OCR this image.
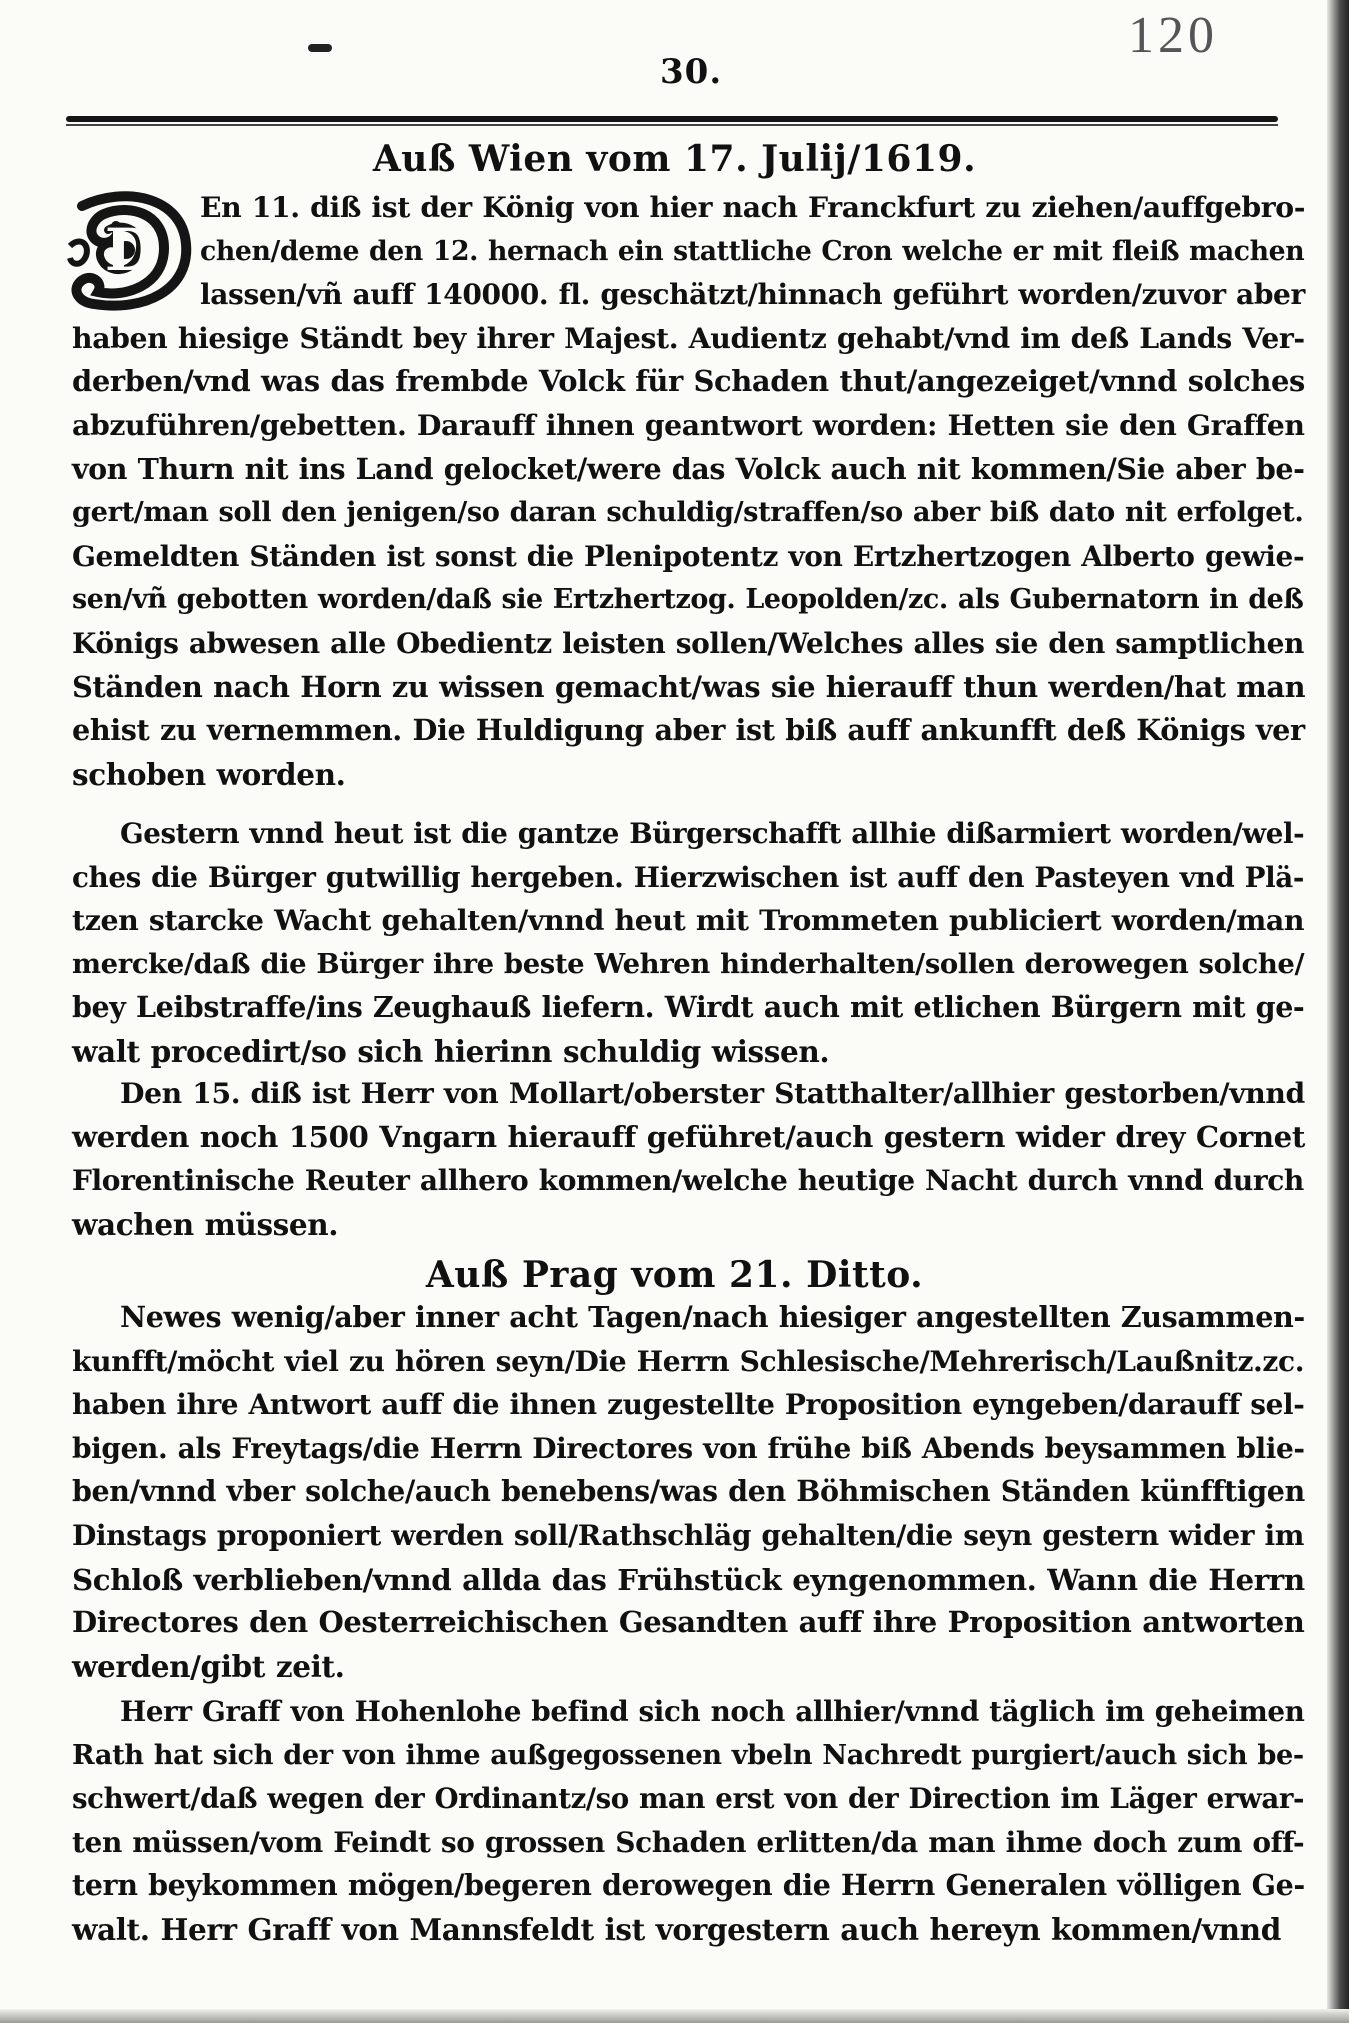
30.
120
Auß Wien vom 17. Julij/1619.
D
En 11. diß ist der König von hier nach Franckfurt zu ziehen/auffgebro-
chen/deme den 12. hernach ein stattliche Cron welche er mit fleiß machen
lassen/vñ auff 140000. fl. geschätzt/hinnach geführt worden/zuvor aber
haben hiesige Ständt bey ihrer Majest. Audientz gehabt/vnd im deß Lands Ver-
derben/vnd was das frembde Volck für Schaden thut/angezeiget/vnnd solches
abzuführen/gebetten. Darauff ihnen geantwort worden: Hetten sie den Graffen
von Thurn nit ins Land gelocket/were das Volck auch nit kommen/Sie aber be-
gert/man soll den jenigen/so daran schuldig/straffen/so aber biß dato nit erfolget.
Gemeldten Ständen ist sonst die Plenipotentz von Ertzhertzogen Alberto gewie-
sen/vñ gebotten worden/daß sie Ertzhertzog. Leopolden/zc. als Gubernatorn in deß
Königs abwesen alle Obedientz leisten sollen/Welches alles sie den samptlichen
Ständen nach Horn zu wissen gemacht/was sie hierauff thun werden/hat man
ehist zu vernemmen. Die Huldigung aber ist biß auff ankunfft deß Königs ver
schoben worden.
Gestern vnnd heut ist die gantze Bürgerschafft allhie dißarmiert worden/wel-
ches die Bürger gutwillig hergeben. Hierzwischen ist auff den Pasteyen vnd Plä-
tzen starcke Wacht gehalten/vnnd heut mit Trommeten publiciert worden/man
mercke/daß die Bürger ihre beste Wehren hinderhalten/sollen derowegen solche/
bey Leibstraffe/ins Zeughauß liefern. Wirdt auch mit etlichen Bürgern mit ge-
walt procedirt/so sich hierinn schuldig wissen.
Den 15. diß ist Herr von Mollart/oberster Statthalter/allhier gestorben/vnnd
werden noch 1500 Vngarn hierauff geführet/auch gestern wider drey Cornet
Florentinische Reuter allhero kommen/welche heutige Nacht durch vnnd durch
wachen müssen.
Auß Prag vom 21. Ditto.
Newes wenig/aber inner acht Tagen/nach hiesiger angestellten Zusammen-
kunfft/möcht viel zu hören seyn/Die Herrn Schlesische/Mehrerisch/Laußnitz.zc.
haben ihre Antwort auff die ihnen zugestellte Proposition eyngeben/darauff sel-
bigen. als Freytags/die Herrn Directores von frühe biß Abends beysammen blie-
ben/vnnd vber solche/auch benebens/was den Böhmischen Ständen künfftigen
Dinstags proponiert werden soll/Rathschläg gehalten/die seyn gestern wider im
Schloß verblieben/vnnd allda das Frühstück eyngenommen. Wann die Herrn
Directores den Oesterreichischen Gesandten auff ihre Proposition antworten
werden/gibt zeit.
Herr Graff von Hohenlohe befind sich noch allhier/vnnd täglich im geheimen
Rath hat sich der von ihme außgegossenen vbeln Nachredt purgiert/auch sich be-
schwert/daß wegen der Ordinantz/so man erst von der Direction im Läger erwar-
ten müssen/vom Feindt so grossen Schaden erlitten/da man ihme doch zum off-
tern beykommen mögen/begeren derowegen die Herrn Generalen völligen Ge-
walt. Herr Graff von Mannsfeldt ist vorgestern auch hereyn kommen/vnnd
